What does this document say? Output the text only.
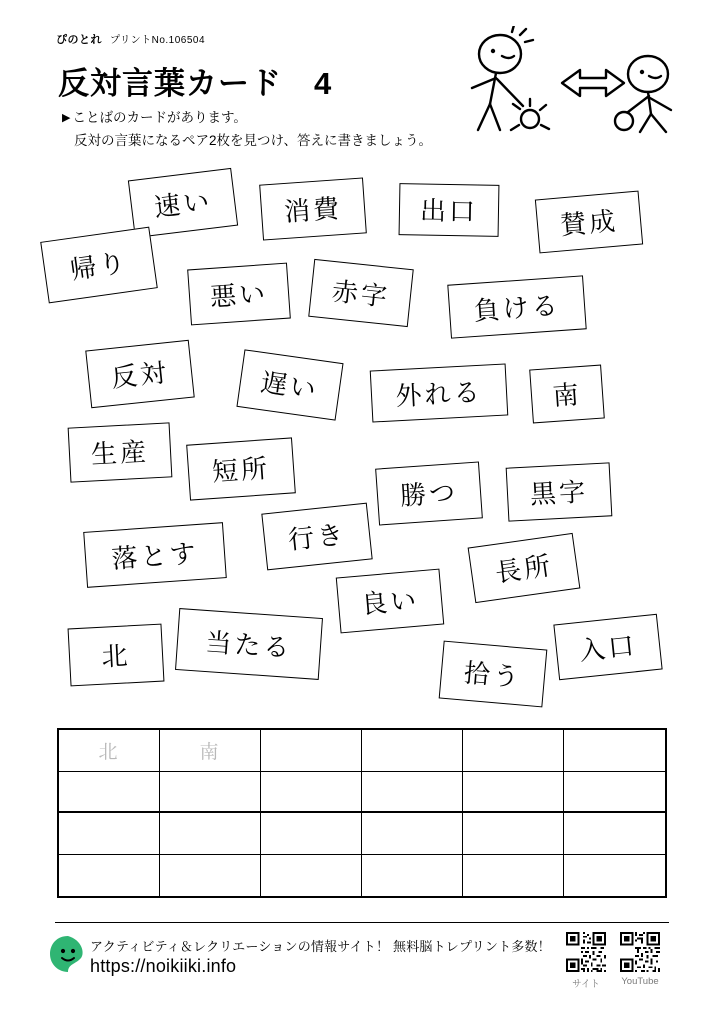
ぴのとれ プリントNo.106504
反対言葉カード　4
▶ ことばのカードがあります。
反対の言葉になるペア2枚を見つけ、答えに書きましょう。
速い	消費	出口	賛成
帰り
悪い	赤字	負ける
反対	遅い	外れる	南
生産	短所
勝つ	黒字
行き
落とす	長所
良い
入口
当たる
北
拾う
北	南
アクティビティ＆レクリエーションの情報サイト！ 無料脳トレプリント多数！
https://noikiiki.info
サイト	YouTube
